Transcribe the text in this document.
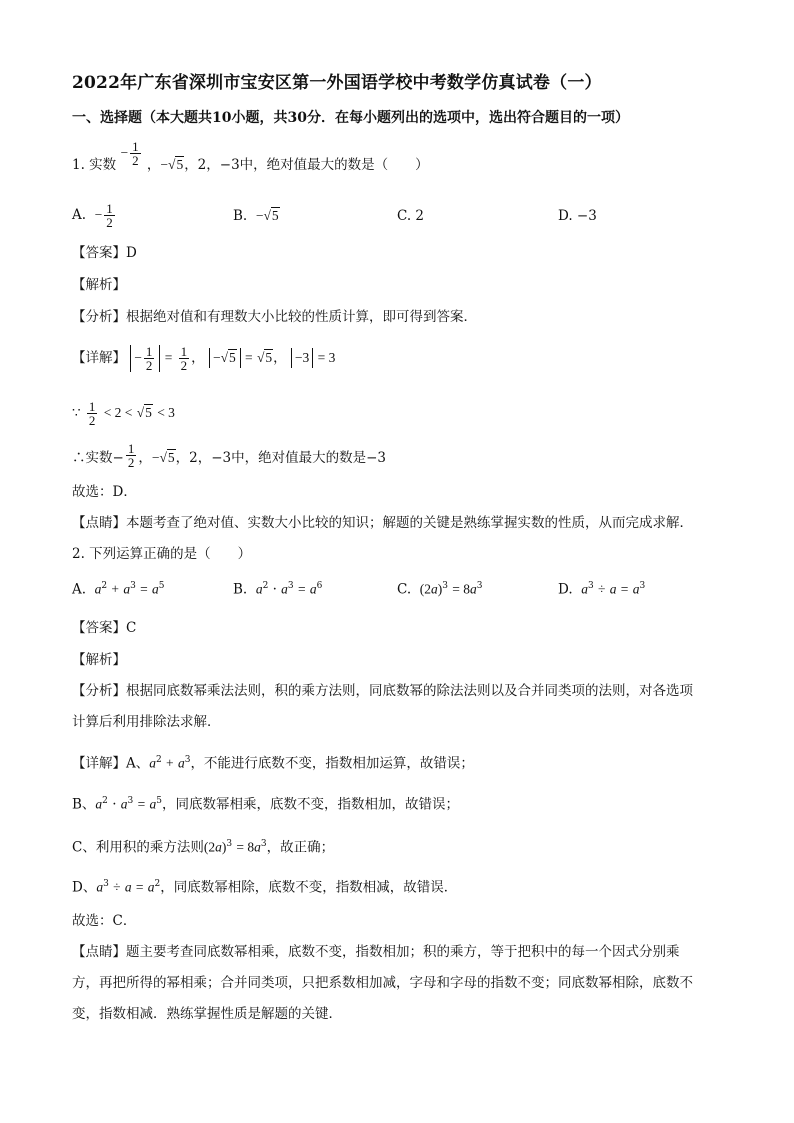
2022年广东省深圳市宝安区第一外国语学校中考数学仿真试卷（一）
一、选择题（本大题共10小题，共30分．在每小题列出的选项中，选出符合题目的一项）
1. 实数 − $\frac{1}{2}$ ，−√5，2，−3中，绝对值最大的数是（　　）
A. − $\frac{1}{2}$	B. −√5	C. 2	D. −3
【答案】D
【解析】
【分析】根据绝对值和有理数大小比较的性质计算，即可得到答案．
【详解】 − $\frac{1}{2} = \frac{1}{2}$ ， −√5 = √5， −3 = 3
∵ $\frac{1}{2} < 2 < √5 < 3$
∴实数− $\frac{1}{2}$ ，−√5，2，−3中，绝对值最大的数是−3
故选：D．
【点睛】本题考查了绝对值、实数大小比较的知识；解题的关键是熟练掌握实数的性质，从而完成求解．
2. 下列运算正确的是（　　）
A. $a^2 + a^3 = a^5$	B. $a^2 \cdot a^3 = a^6$	C. $(2a)^3 = 8a^3$	D. $a^3 \div a = a^3$
【答案】C
【解析】
【分析】根据同底数幂乘法法则，积的乘方法则，同底数幂的除法法则以及合并同类项的法则，对各选项
计算后利用排除法求解．
【详解】A、$a^2 + a^3$，不能进行底数不变，指数相加运算，故错误；
B、$a^2 \cdot a^3 = a^5$，同底数幂相乘，底数不变，指数相加，故错误；
C、利用积的乘方法则$(2a)^3 = 8a^3$，故正确；
D、$a^3 \div a = a^2$，同底数幂相除，底数不变，指数相减，故错误．
故选：C．
【点睛】题主要考查同底数幂相乘，底数不变，指数相加；积的乘方，等于把积中的每一个因式分别乘
方，再把所得的幂相乘；合并同类项，只把系数相加减，字母和字母的指数不变；同底数幂相除，底数不
变，指数相减．熟练掌握性质是解题的关键．
